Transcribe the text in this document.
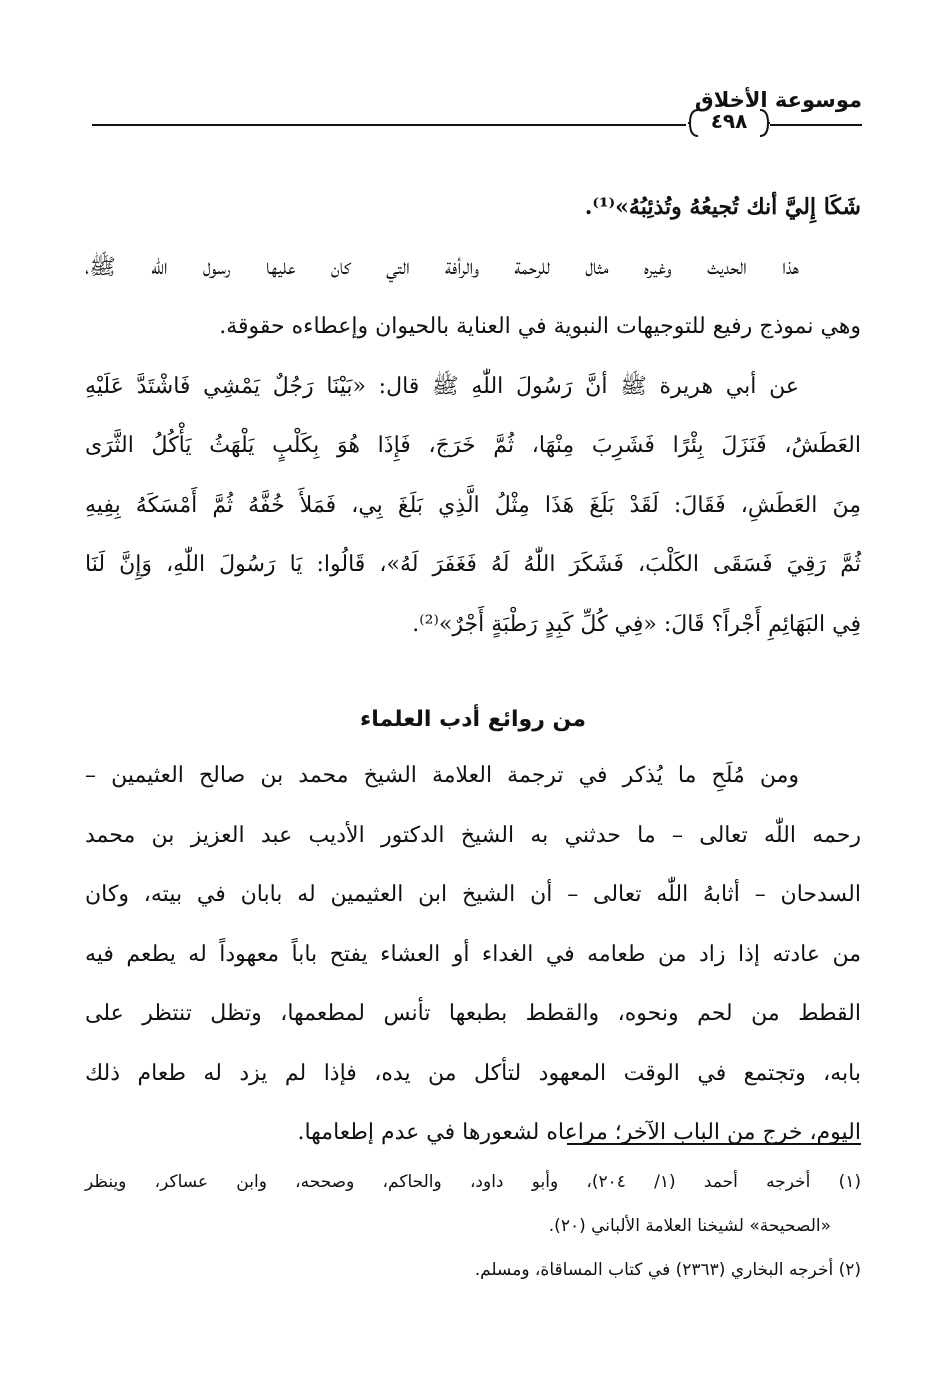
موسوعة الأخلاق
٤٩٨
شَكَا إِليَّ أنك تُجيعُهُ وتُذئِبُهُ»⁽¹⁾.
هذا الحديث وغيره مثال للرحمة والرأفة التي كان عليها رسول اللّٰه ﷺ،
وهي نموذج رفيع للتوجيهات النبوية في العناية بالحيوان وإعطاءه حقوقة.
عن أبي هريرة ﷺ أنَّ رَسُولَ اللّٰهِ ﷺ قال: «بَيْنَا رَجُلٌ يَمْشِي فَاشْتَدَّ عَلَيْهِ
العَطَشُ، فَنَزَلَ بِئْرًا فَشَرِبَ مِنْهَا، ثُمَّ خَرَجَ، فَإِذَا هُوَ بِكَلْبٍ يَلْهَثُ يَأْكُلُ الثَّرَى
مِنَ العَطَشِ، فَقَالَ: لَقَدْ بَلَغَ هَذَا مِثْلُ الَّذِي بَلَغَ بِي، فَمَلأَ خُفَّهُ ثُمَّ أَمْسَكَهُ بِفِيهِ
ثُمَّ رَقِيَ فَسَقَى الكَلْبَ، فَشَكَرَ اللّٰهُ لَهُ فَغَفَرَ لَهُ»، قَالُوا: يَا رَسُولَ اللّٰهِ، وَإِنَّ لَنَا
فِي البَهَائِمِ أَجْراً؟ قَالَ: «فِي كُلِّ كَبِدٍ رَطْبَةٍ أَجْرٌ»⁽²⁾.
من روائع أدب العلماء
ومن مُلَحِ ما يُذكر في ترجمة العلامة الشيخ محمد بن صالح العثيمين –
رحمه اللّٰه تعالى – ما حدثني به الشيخ الدكتور الأديب عبد العزيز بن محمد
السدحان – أثابهُ اللّٰه تعالى – أن الشيخ ابن العثيمين له بابان في بيته، وكان
من عادته إذا زاد من طعامه في الغداء أو العشاء يفتح باباً معهوداً له يطعم فيه
القطط من لحم ونحوه، والقطط بطبعها تأنس لمطعمها، وتظل تنتظر على
بابه، وتجتمع في الوقت المعهود لتأكل من يده، فإذا لم يزد له طعام ذلك
اليوم، خرج من الباب الآخر؛ مراعاه لشعورها في عدم إطعامها.
(١) أخرجه أحمد (١/ ٢٠٤)، وأبو داود، والحاكم، وصححه، وابن عساكر، وينظر
«الصحيحة» لشيخنا العلامة الألباني (٢٠).
(٢) أخرجه البخاري (٢٣٦٣) في كتاب المساقاة، ومسلم.
